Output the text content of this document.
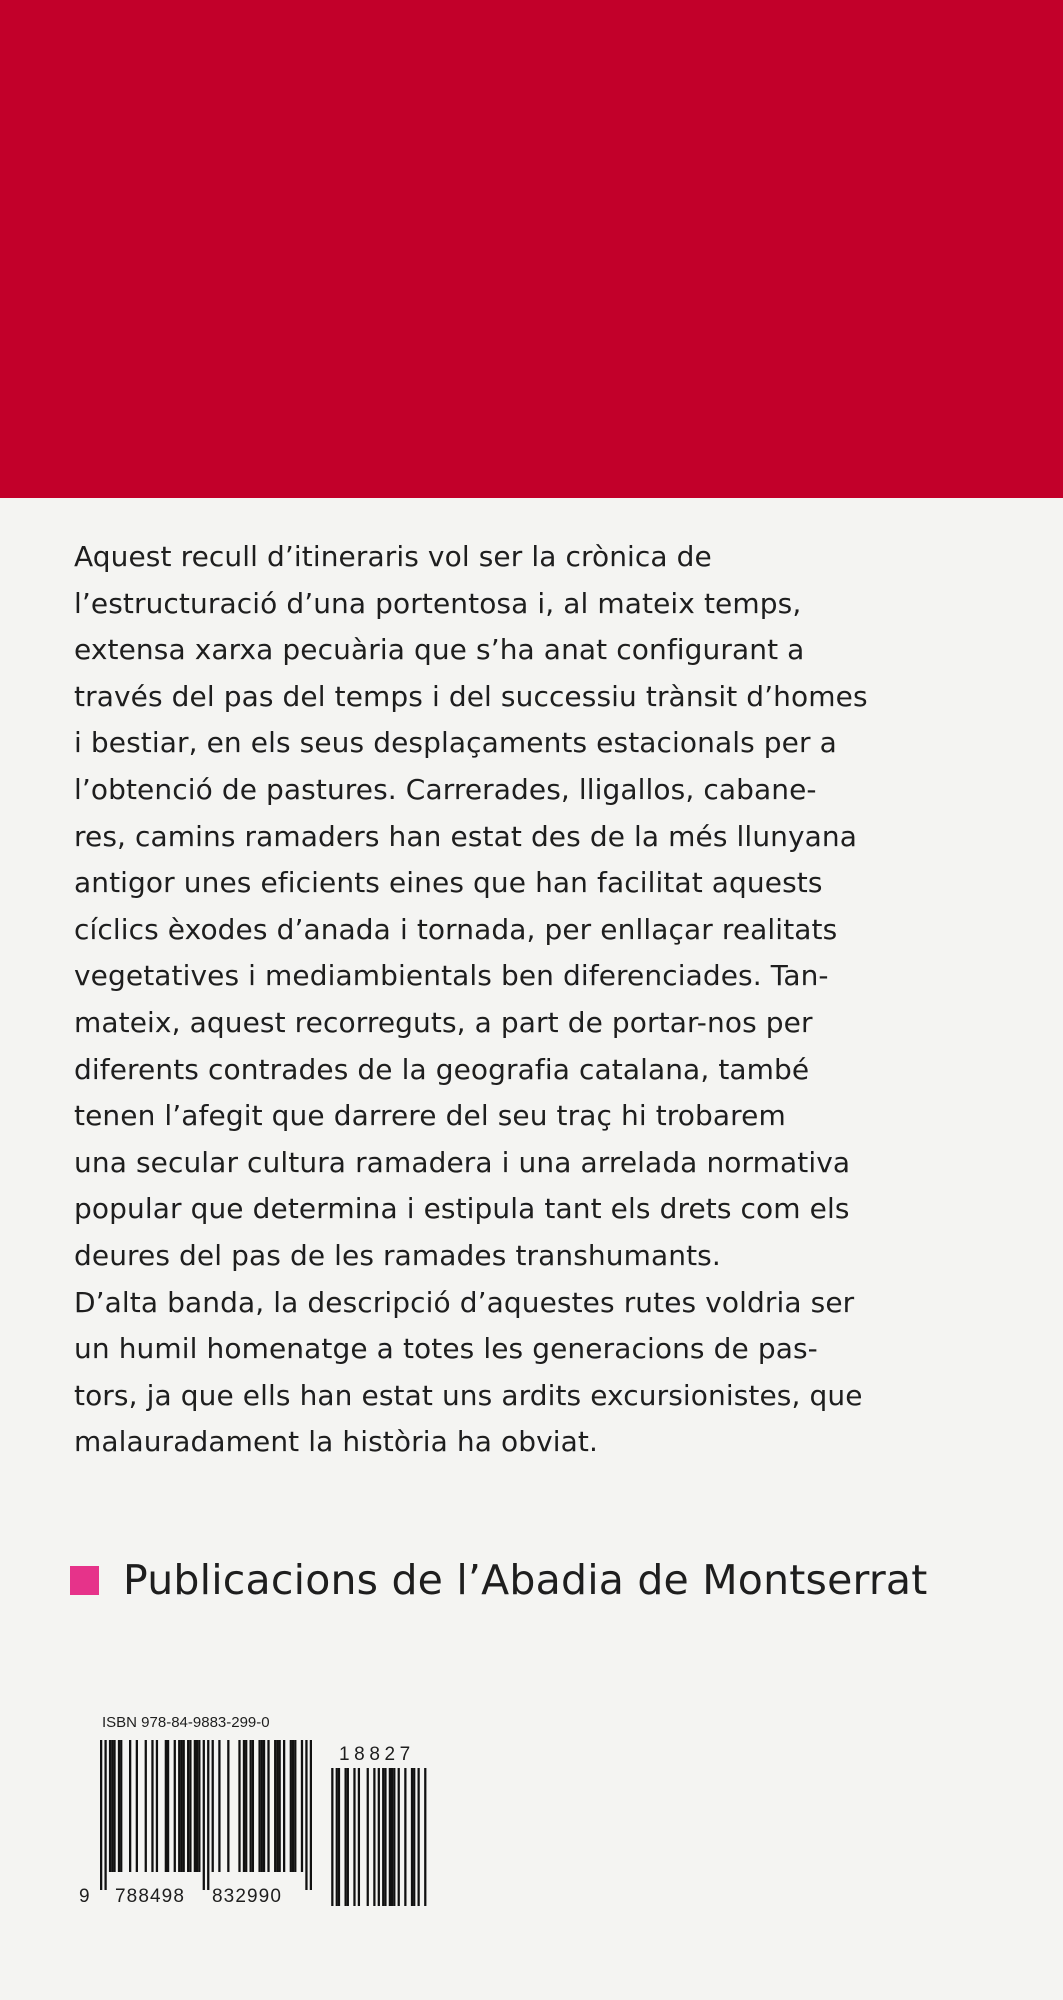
Aquest recull d’itineraris vol ser la crònica de
l’estructuració d’una portentosa i, al mateix temps,
extensa xarxa pecuària que s’ha anat configurant a
través del pas del temps i del successiu trànsit d’homes
i bestiar, en els seus desplaçaments estacionals per a
l’obtenció de pastures. Carrerades, lligallos, cabane-
res, camins ramaders han estat des de la més llunyana
antigor unes eficients eines que han facilitat aquests
cíclics èxodes d’anada i tornada, per enllaçar realitats
vegetatives i mediambientals ben diferenciades. Tan-
mateix, aquest recorreguts, a part de portar-nos per
diferents contrades de la geografia catalana, també
tenen l’afegit que darrere del seu traç hi trobarem
una secular cultura ramadera i una arrelada normativa
popular que determina i estipula tant els drets com els
deures del pas de les ramades transhumants.
D’alta banda, la descripció d’aquestes rutes voldria ser
un humil homenatge a totes les generacions de pas-
tors, ja que ells han estat uns ardits excursionistes, que
malauradament la història ha obviat.
Publicacions de l’Abadia de Montserrat
ISBN 978-84-9883-299-0
9 788498 832990
18827
